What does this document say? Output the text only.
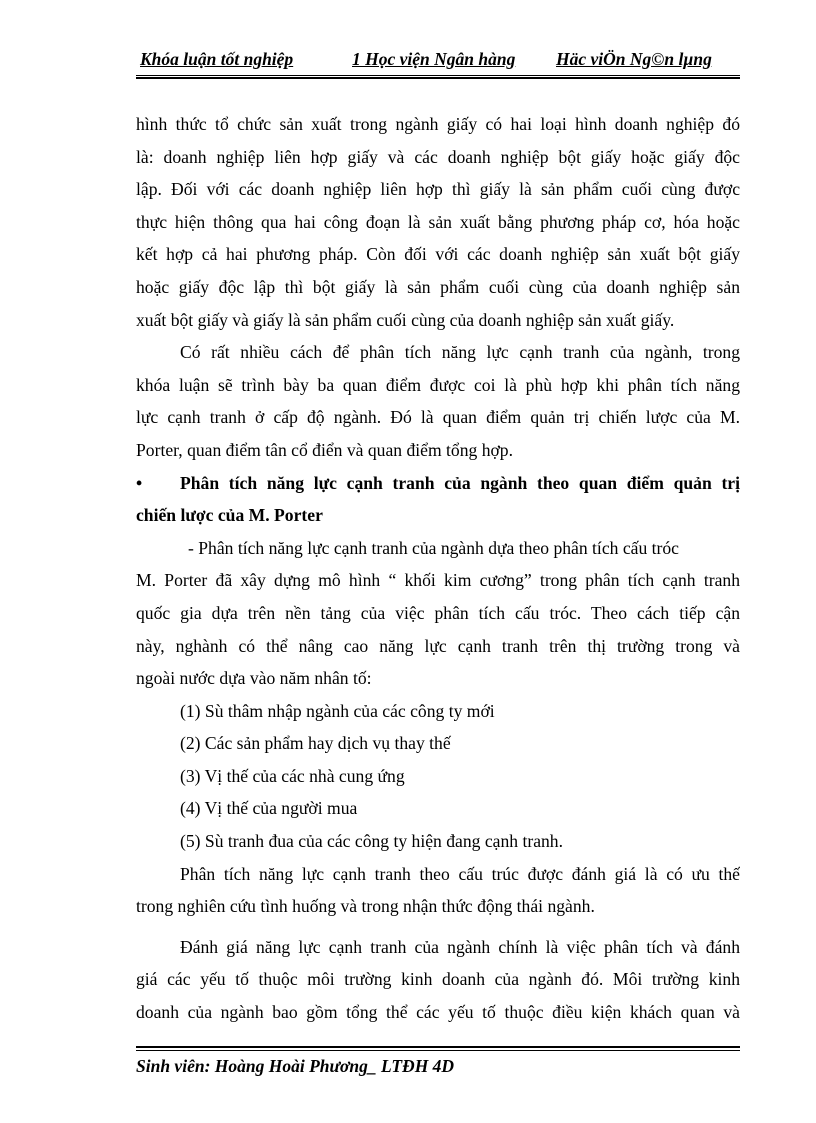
Khóa luận tốt nghiệp	1 Học viện Ngân hàng Häc viÖn Ng©n lµng
hình thức tổ chức sản xuất trong ngành giấy có hai loại hình doanh nghiệp đó
là: doanh nghiệp liên hợp giấy và các doanh nghiệp bột giấy hoặc giấy độc
lập. Đối với các doanh nghiệp liên hợp thì giấy là sản phẩm cuối cùng được
thực hiện thông qua hai công đoạn là sản xuất bằng phương pháp cơ, hóa hoặc
kết hợp cả hai phương pháp. Còn đối với các doanh nghiệp sản xuất bột giấy
hoặc giấy độc lập thì bột giấy là sản phẩm cuối cùng của doanh nghiệp sản
xuất bột giấy và giấy là sản phẩm cuối cùng của doanh nghiệp sản xuất giấy.
Có rất nhiều cách để phân tích năng lực cạnh tranh của ngành, trong
khóa luận sẽ trình bày ba quan điểm được coi là phù hợp khi phân tích năng
lực cạnh tranh ở cấp độ ngành. Đó là quan điểm quản trị chiến lược của M.
Porter, quan điểm tân cổ điển và quan điểm tổng hợp.
•	Phân tích năng lực cạnh tranh của ngành theo quan điểm quản trị
chiến lược của M. Porter
- Phân tích năng lực cạnh tranh của ngành dựa theo phân tích cấu tróc
M. Porter đã xây dựng mô hình “ khối kim cương” trong phân tích cạnh tranh
quốc gia dựa trên nền tảng của việc phân tích cấu tróc. Theo cách tiếp cận
này, nghành có thể nâng cao năng lực cạnh tranh trên thị trường trong và
ngoài nước dựa vào năm nhân tố:
(1) Sù thâm nhập ngành của các công ty mới
(2) Các sản phẩm hay dịch vụ thay thế
(3) Vị thế của các nhà cung ứng
(4) Vị thế của người mua
(5) Sù tranh đua của các công ty hiện đang cạnh tranh.
Phân tích năng lực cạnh tranh theo cấu trúc được đánh giá là có ưu thế
trong nghiên cứu tình huống và trong nhận thức động thái ngành.
Đánh giá năng lực cạnh tranh của ngành chính là việc phân tích và đánh
giá các yếu tố thuộc môi trường kinh doanh của ngành đó. Môi trường kinh
doanh của ngành bao gồm tổng thể các yếu tố thuộc điều kiện khách quan và
Sinh viên: Hoàng Hoài Phương_ LTĐH 4D
